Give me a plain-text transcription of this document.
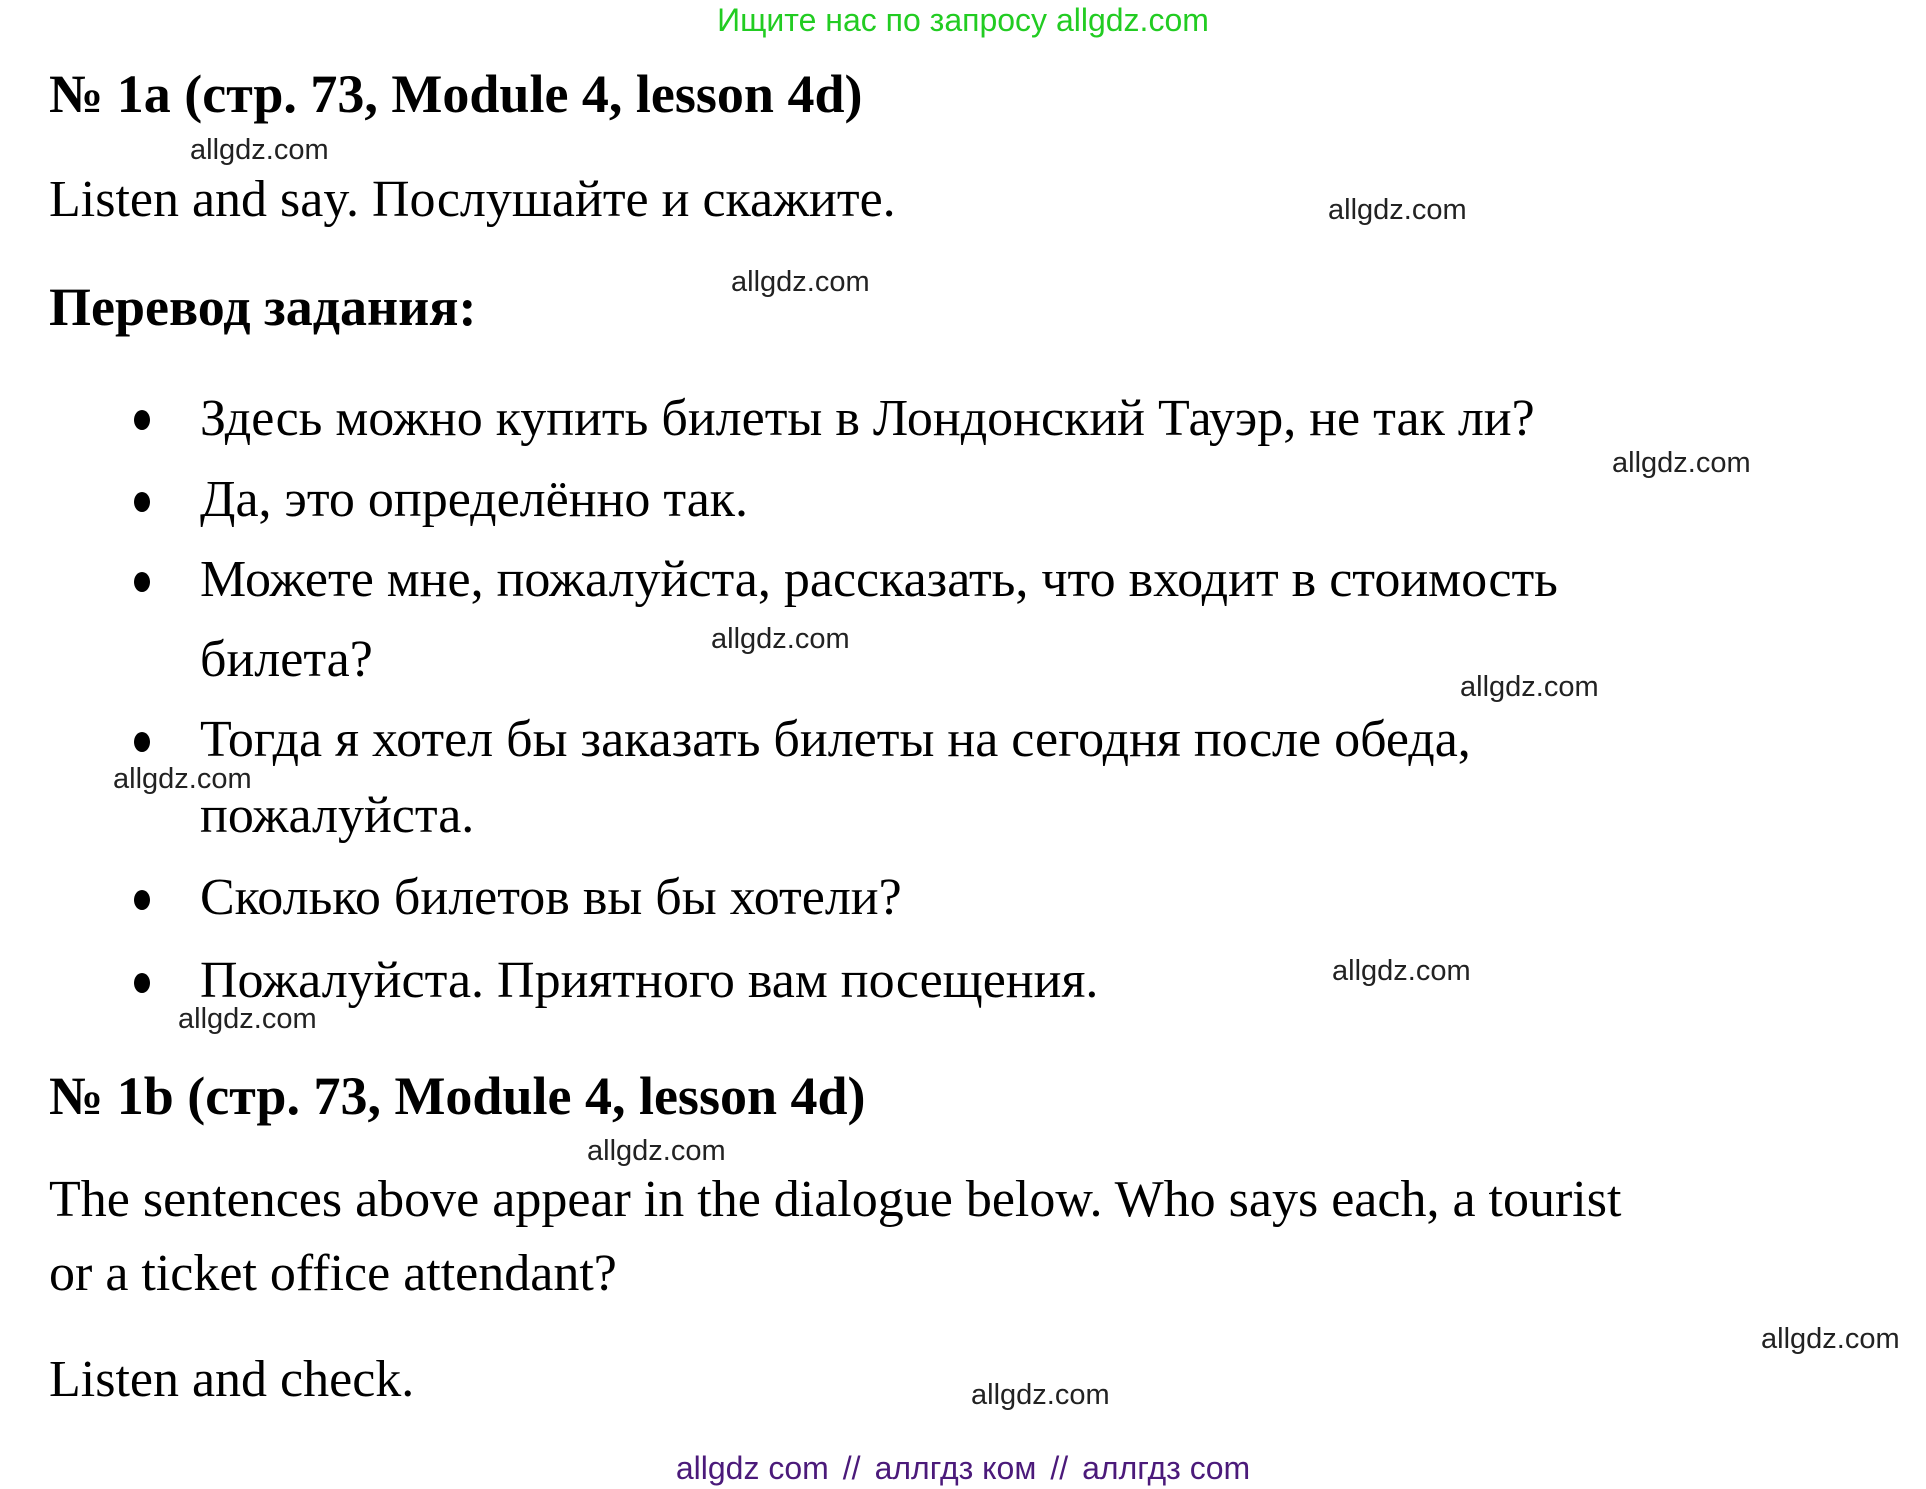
Ищите нас по запросу allgdz.com
№ 1a (стр. 73, Module 4, lesson 4d)
allgdz.com
Listen and say. Послушайте и скажите.	allgdz.com
allgdz.com
Перевод задания:
Здесь можно купить билеты в Лондонский Тауэр, не так ли?
allgdz.com
Да, это определённо так.
Можете мне, пожалуйста, рассказать, что входит в стоимость
билета?	allgdz.com
allgdz.com
Тогда я хотел бы заказать билеты на сегодня после обеда,
allgdz.com
пожалуйста.
Сколько билетов вы бы хотели?
Пожалуйста. Приятного вам посещения.	allgdz.com
allgdz.com
№ 1b (стр. 73, Module 4, lesson 4d)
allgdz.com
The sentences above appear in the dialogue below. Who says each, a tourist
or a ticket office attendant?
allgdz.com
Listen and check.	allgdz.com
allgdz com // аллгдз ком // аллгдз com
